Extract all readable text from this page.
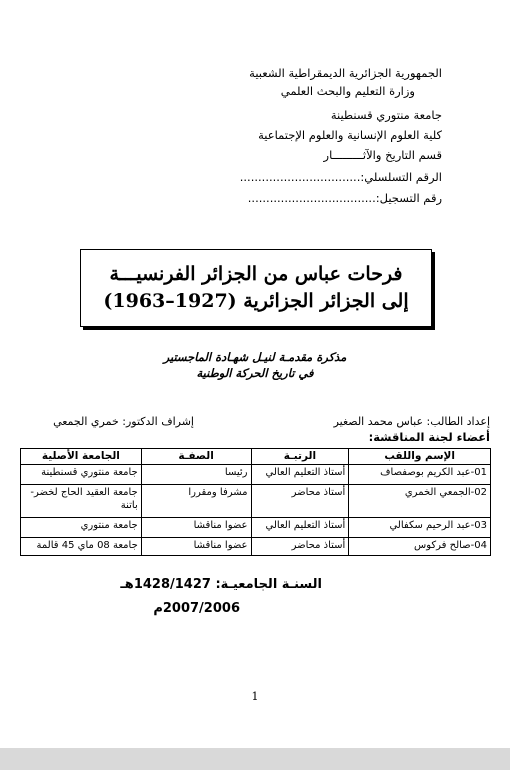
الجمهورية الجزائرية الديمقراطية الشعبية
وزارة التعليم والبحث العلمي
جامعة منتوري قسنطينة
كلية العلوم الإنسانية والعلوم الإجتماعية
قسم التاريخ والآثـــــــــار
الرقم التسلسلي:.................................
رقم التسجيل:...................................
فرحات عباس من الجزائر الفرنسيـــة
إلى الجزائر الجزائرية (1927–1963)
مذكرة مقدمـة لنيـل شهـادة الماجستير
في تاريخ الحركة الوطنية
إعداد الطالب: عباس محمد الصغير
إشراف الدكتور: خمري الجمعي
أعضاء لجنة المناقشة:
الإسم واللقب	الرتبـة	الصفـة	الجامعة الأصلية
01-عبد الكريم بوصفصاف	أستاذ التعليم العالي	رئيسا	جامعة منتوري قسنطينة
02-الجمعي الخمري	أستاذ محاضر	مشرفا ومقررا	جامعة العقيد الحاج لخضر- باتنة
03-عبد الرحيم سكفالي	أستاذ التعليم العالي	عضوا مناقشا	جامعة منتوري
04-صالح فركوس	أستاذ محاضر	عضوا مناقشا	جامعة 08 ماي 45 قالمة
السنـة الجامعيـة: 1428/1427هـ
2007/2006م
1
